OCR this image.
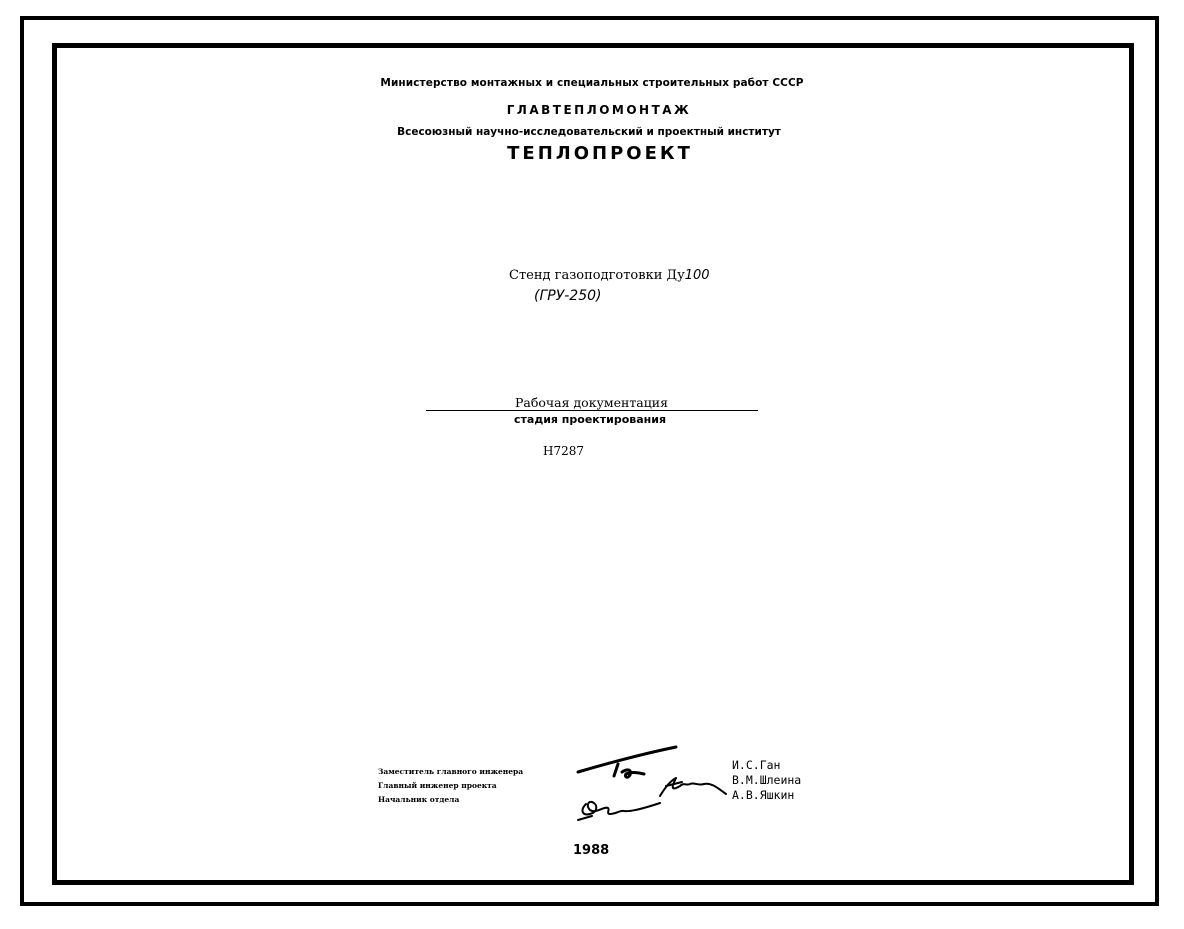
Министерство монтажных и специальных строительных работ СССР
ГЛАВТЕПЛОМОНТАЖ
Всесоюзный научно-исследовательский и проектный институт
ТЕПЛОПРОЕКТ
Стенд газоподготовки Ду100
(ГРУ-250)
Рабочая документация
стадия проектирования
Н7287
Заместитель главного инженера
Главный инженер проекта
Начальник отдела
И.С.Ган
В.М.Шлеина
А.В.Яшкин
1988
